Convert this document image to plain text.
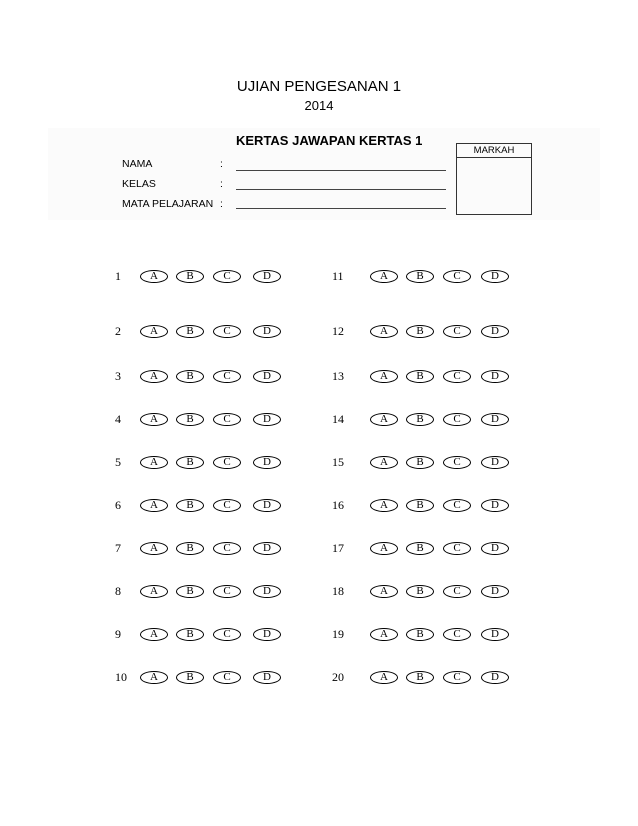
UJIAN PENGESANAN 1
2014
KERTAS JAWAPAN KERTAS 1
NAMA	:
KELAS	:
MATA PELAJARAN :
MARKAH
1	A	B	C	D
2	A	B	C	D
3	A	B	C	D
4	A	B	C	D
5	A	B	C	D
6	A	B	C	D
7	A	B	C	D
8	A	B	C	D
9	A	B	C	D
10	A	B	C	D
11	A	B	C	D
12	A	B	C	D
13	A	B	C	D
14	A	B	C	D
15	A	B	C	D
16	A	B	C	D
17	A	B	C	D
18	A	B	C	D
19	A	B	C	D
20	A	B	C	D
